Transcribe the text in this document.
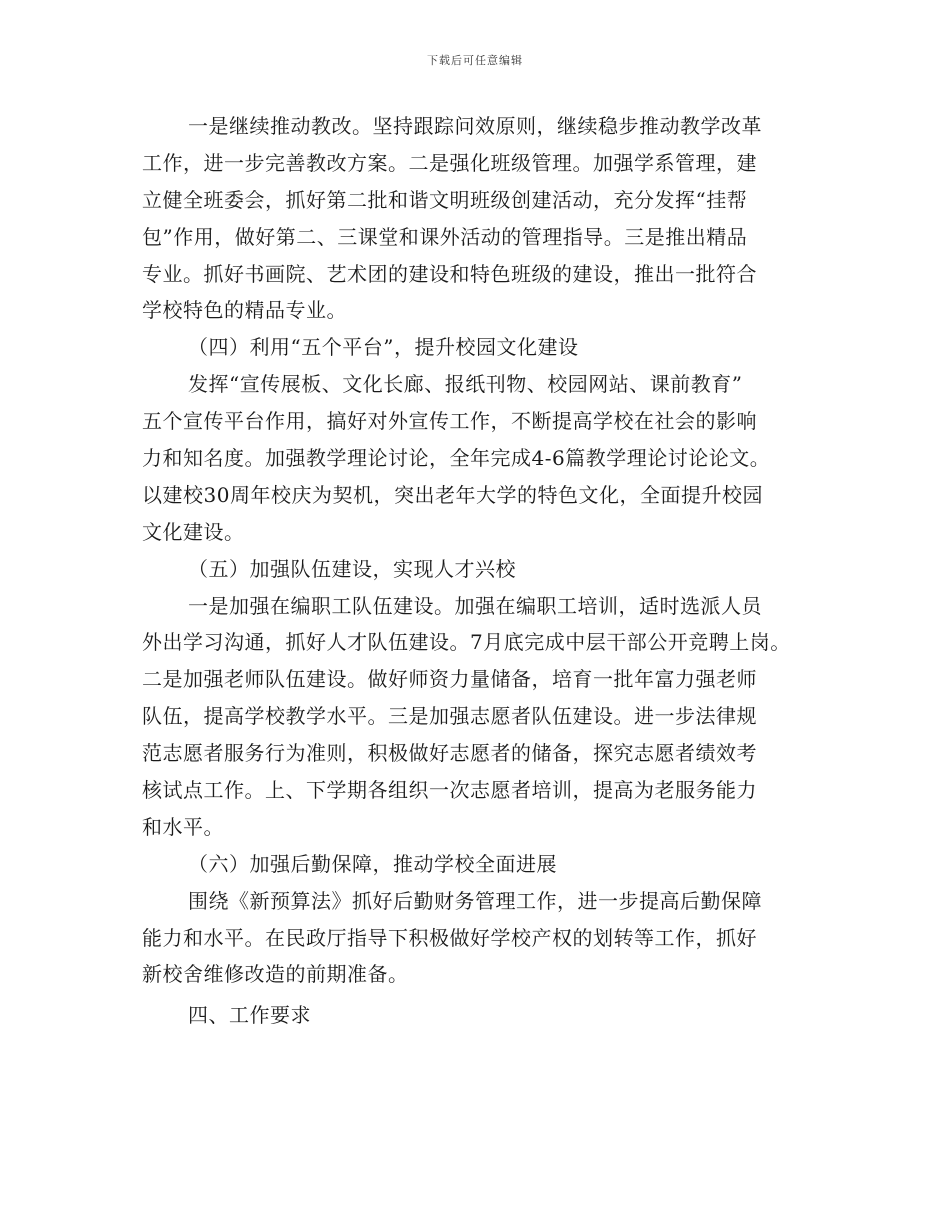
下载后可任意编辑
一是继续推动教改。坚持跟踪问效原则，继续稳步推动教学改革
工作，进一步完善教改方案。二是强化班级管理。加强学系管理，建
立健全班委会，抓好第二批和谐文明班级创建活动，充分发挥“挂帮
包”作用，做好第二、三课堂和课外活动的管理指导。三是推出精品
专业。抓好书画院、艺术团的建设和特色班级的建设，推出一批符合
学校特色的精品专业。
（四）利用“五个平台”，提升校园文化建设
发挥“宣传展板、文化长廊、报纸刊物、校园网站、课前教育”
五个宣传平台作用，搞好对外宣传工作，不断提高学校在社会的影响
力和知名度。加强教学理论讨论，全年完成4-6篇教学理论讨论论文。
以建校30周年校庆为契机，突出老年大学的特色文化，全面提升校园
文化建设。
（五）加强队伍建设，实现人才兴校
一是加强在编职工队伍建设。加强在编职工培训，适时选派人员
外出学习沟通，抓好人才队伍建设。7月底完成中层干部公开竞聘上岗。
二是加强老师队伍建设。做好师资力量储备，培育一批年富力强老师
队伍，提高学校教学水平。三是加强志愿者队伍建设。进一步法律规
范志愿者服务行为准则，积极做好志愿者的储备，探究志愿者绩效考
核试点工作。上、下学期各组织一次志愿者培训，提高为老服务能力
和水平。
（六）加强后勤保障，推动学校全面进展
围绕《新预算法》抓好后勤财务管理工作，进一步提高后勤保障
能力和水平。在民政厅指导下积极做好学校产权的划转等工作，抓好
新校舍维修改造的前期准备。
四、工作要求
